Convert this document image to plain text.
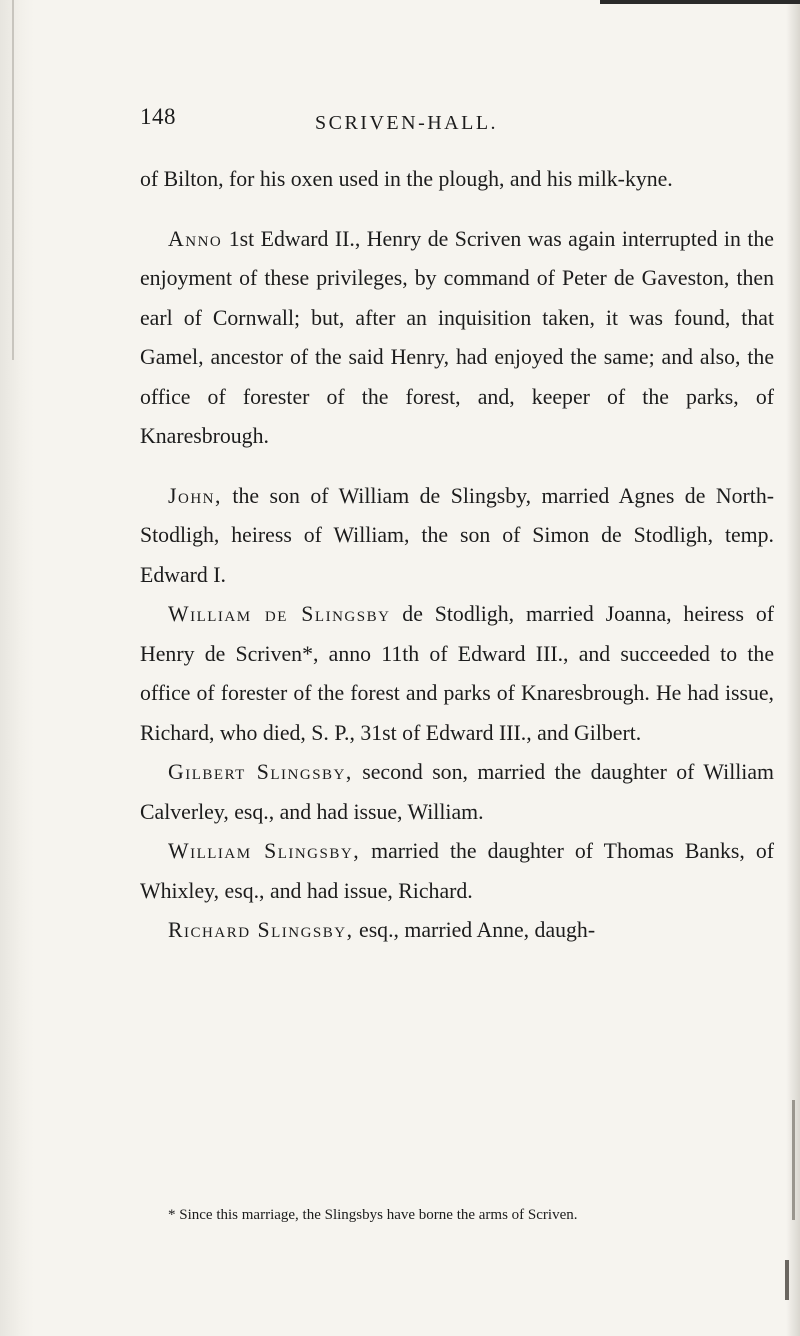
148	SCRIVEN-HALL.

of Bilton, for his oxen used in the plough, and his milk-kyne.

Anno 1st Edward II., Henry de Scriven was again interrupted in the enjoyment of these privileges, by command of Peter de Gaveston, then earl of Cornwall; but, after an inquisition taken, it was found, that Gamel, ancestor of the said Henry, had enjoyed the same; and also, the office of forester of the forest, and, keeper of the parks, of Knaresbrough.

John, the son of William de Slingsby, married Agnes de North-Stodligh, heiress of William, the son of Simon de Stodligh, temp. Edward I.

William de Slingsby de Stodligh, married Joanna, heiress of Henry de Scriven*, anno 11th of Edward III., and succeeded to the office of forester of the forest and parks of Knaresbrough. He had issue, Richard, who died, S. P., 31st of Edward III., and Gilbert.

Gilbert Slingsby, second son, married the daughter of William Calverley, esq., and had issue, William.

William Slingsby, married the daughter of Thomas Banks, of Whixley, esq., and had issue, Richard.

Richard Slingsby, esq., married Anne, daugh-

* Since this marriage, the Slingsbys have borne the arms of Scriven.
